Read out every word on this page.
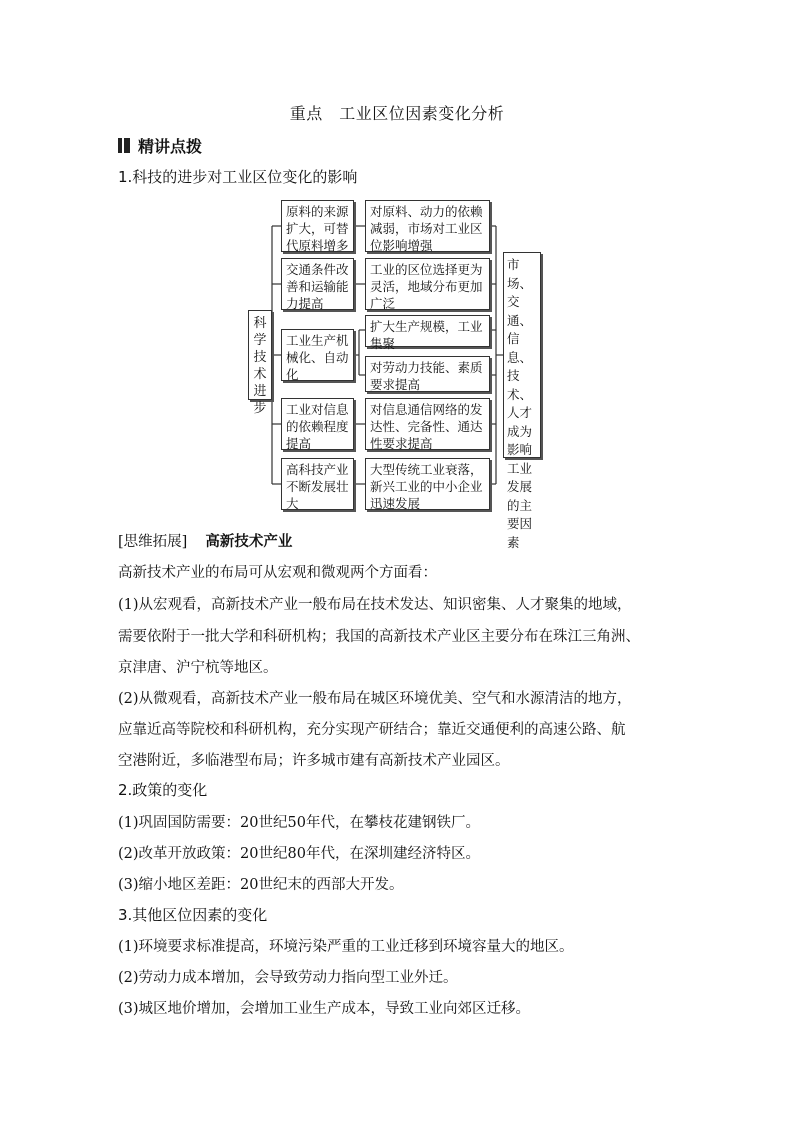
重点　工业区位因素变化分析
精讲点拨
1.科技的进步对工业区位变化的影响
科学技术进步
原料的来源扩大，可替代原料增多
交通条件改善和运输能力提高
工业生产机械化、自动化
工业对信息的依赖程度提高
高科技产业不断发展壮大
对原料、动力的依赖减弱，市场对工业区位影响增强
工业的区位选择更为灵活，地域分布更加广泛
扩大生产规模，工业集聚
对劳动力技能、素质要求提高
对信息通信网络的发达性、完备性、通达性要求提高
大型传统工业衰落，新兴工业的中小企业迅速发展
市场、交通、信息、技术、人才成为影响工业发展的主要因素
[思维拓展] 高新技术产业
高新技术产业的布局可从宏观和微观两个方面看：
(1)从宏观看，高新技术产业一般布局在技术发达、知识密集、人才聚集的地域，
需要依附于一批大学和科研机构；我国的高新技术产业区主要分布在珠江三角洲、
京津唐、沪宁杭等地区。
(2)从微观看，高新技术产业一般布局在城区环境优美、空气和水源清洁的地方，
应靠近高等院校和科研机构，充分实现产研结合；靠近交通便利的高速公路、航
空港附近，多临港型布局；许多城市建有高新技术产业园区。
2.政策的变化
(1)巩固国防需要：20世纪50年代，在攀枝花建钢铁厂。
(2)改革开放政策：20世纪80年代，在深圳建经济特区。
(3)缩小地区差距：20世纪末的西部大开发。
3.其他区位因素的变化
(1)环境要求标准提高，环境污染严重的工业迁移到环境容量大的地区。
(2)劳动力成本增加，会导致劳动力指向型工业外迁。
(3)城区地价增加，会增加工业生产成本，导致工业向郊区迁移。
